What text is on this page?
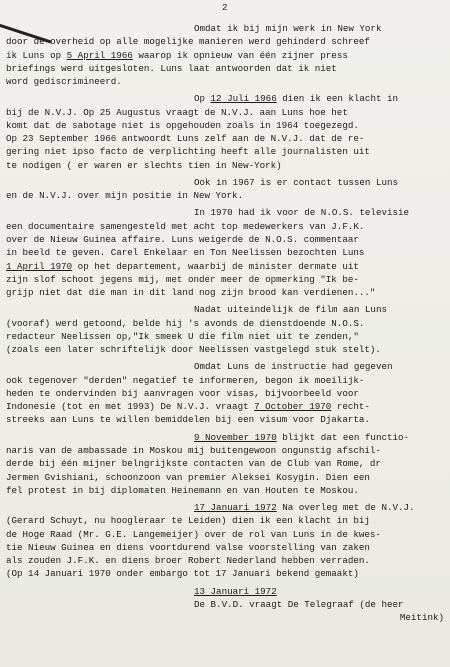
2
Omdat ik bij mijn werk in New York
door de overheid op alle mogelijke manieren werd gehinderd schreef
ik Luns op 5 April 1966 waarop ik opnieuw van één zijner press
briefings werd uitgesloten. Luns laat antwoorden dat ik niet
word gediscrimineerd.
Op 12 Juli 1966 dien ik een klacht in
bij de N.V.J. Op 25 Augustus vraagt de N.V.J. aan Luns hoe het
komt dat de sabotage niet is opgehouden zoals in 1964 toegezegd.
Op 23 September 1966 antwoordt Luns zelf aan de N.V.J. dat de re-
gering niet ipso facto de verplichting heeft alle journalisten uit
te nodigen ( er waren er slechts tien in New-York)
Ook in 1967 is er contact tussen Luns
en de N.V.J. over mijn positie in New York.
In 1970 had ik voor de N.O.S. televisie
een documentaire samengesteld met acht top medewerkers van J.F.K.
over de Nieuw Guinea affaire. Luns weigerde de N.O.S. commentaar
in beeld te geven. Carel Enkelaar en Ton Neelissen bezochten Luns
1 April 1970 op het departement, waarbij de minister dermate uit
zijn slof schoot jegens mij, met onder meer de opmerking "Ik be-
grijp niet dat die man in dit land nog zijn brood kan verdienen..."
Nadat uiteindelijk de film aan Luns
(vooraf) werd getoond, belde hij 's avonds de dienstdoende N.O.S.
redacteur Neelissen op,"Ik smeek U die film niet uit te zenden,"
(zoals een later schriftelijk door Neelissen vastgelegd stuk stelt).
Omdat Luns de instructie had gegeven
ook tegenover "derden" negatief te informeren, begon ik moeilijk-
heden te ondervinden bij aanvragen voor visas, bijvoorbeeld voor
Indonesie (tot en met 1993) De N.V.J. vraagt 7 October 1970 recht-
streeks aan Luns te willen bemiddelen bij een visum voor Djakarta.
9 November 1970 blijkt dat een functio-
naris van de ambassade in Moskou mij buitengewoon ongunstig afschil-
derde bij één mijner belngrijkste contacten van de Club van Rome, dr
Jermen Gvishiani, schoonzoon van premier Aleksei Kosygin. Dien een
fel protest in bij diplomaten Heinemann en van Houten te Moskou.
17 Januari 1972 Na overleg met de N.V.J.
(Gerard Schuyt, nu hoogleraar te Leiden) dien ik een klacht in bij
de Hoge Raad (Mr. G.E. Langemeijer) over de rol van Luns in de kwes-
tie Nieuw Guinea en diens voortdurend valse voorstelling van zaken
als zouden J.F.K. en diens broer Robert Nederland hebben verraden.
(Op 14 Januari 1970 onder embargo tot 17 Januari bekend gemaakt)
13 Januari 1972
De B.V.D. vraagt De Telegraaf (de heer
Meitink)
